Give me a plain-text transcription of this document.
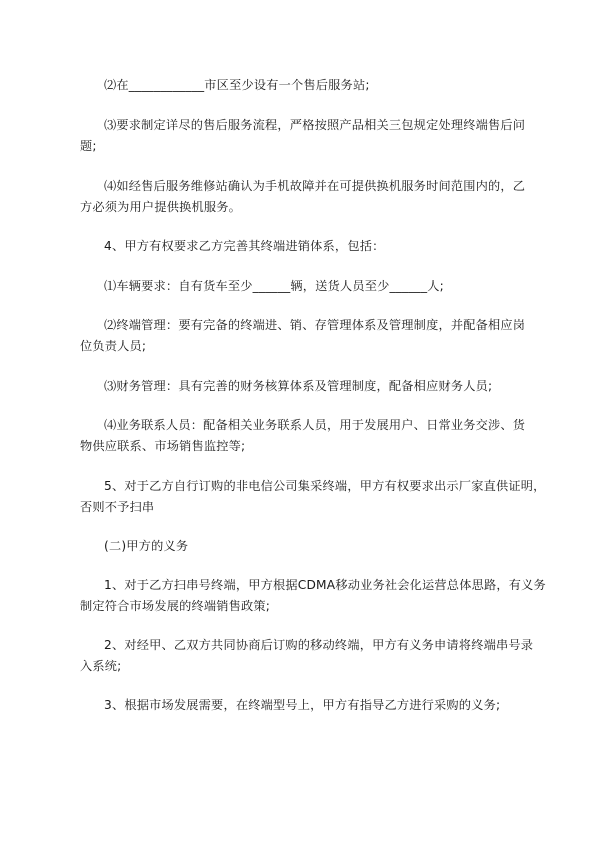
⑵在____________市区至少设有一个售后服务站;

⑶要求制定详尽的售后服务流程，严格按照产品相关三包规定处理终端售后问
题;

⑷如经售后服务维修站确认为手机故障并在可提供换机服务时间范围内的，乙
方必须为用户提供换机服务。

4、甲方有权要求乙方完善其终端进销体系，包括：

⑴车辆要求：自有货车至少______辆，送货人员至少______人;

⑵终端管理：要有完备的终端进、销、存管理体系及管理制度，并配备相应岗
位负责人员;

⑶财务管理：具有完善的财务核算体系及管理制度，配备相应财务人员;

⑷业务联系人员：配备相关业务联系人员，用于发展用户、日常业务交涉、货
物供应联系、市场销售监控等;

5、对于乙方自行订购的非电信公司集采终端，甲方有权要求出示厂家直供证明，
否则不予扫串

(二)甲方的义务

1、对于乙方扫串号终端，甲方根据CDMA移动业务社会化运营总体思路，有义务
制定符合市场发展的终端销售政策;

2、对经甲、乙双方共同协商后订购的移动终端，甲方有义务申请将终端串号录
入系统;

3、根据市场发展需要，在终端型号上，甲方有指导乙方进行采购的义务;
